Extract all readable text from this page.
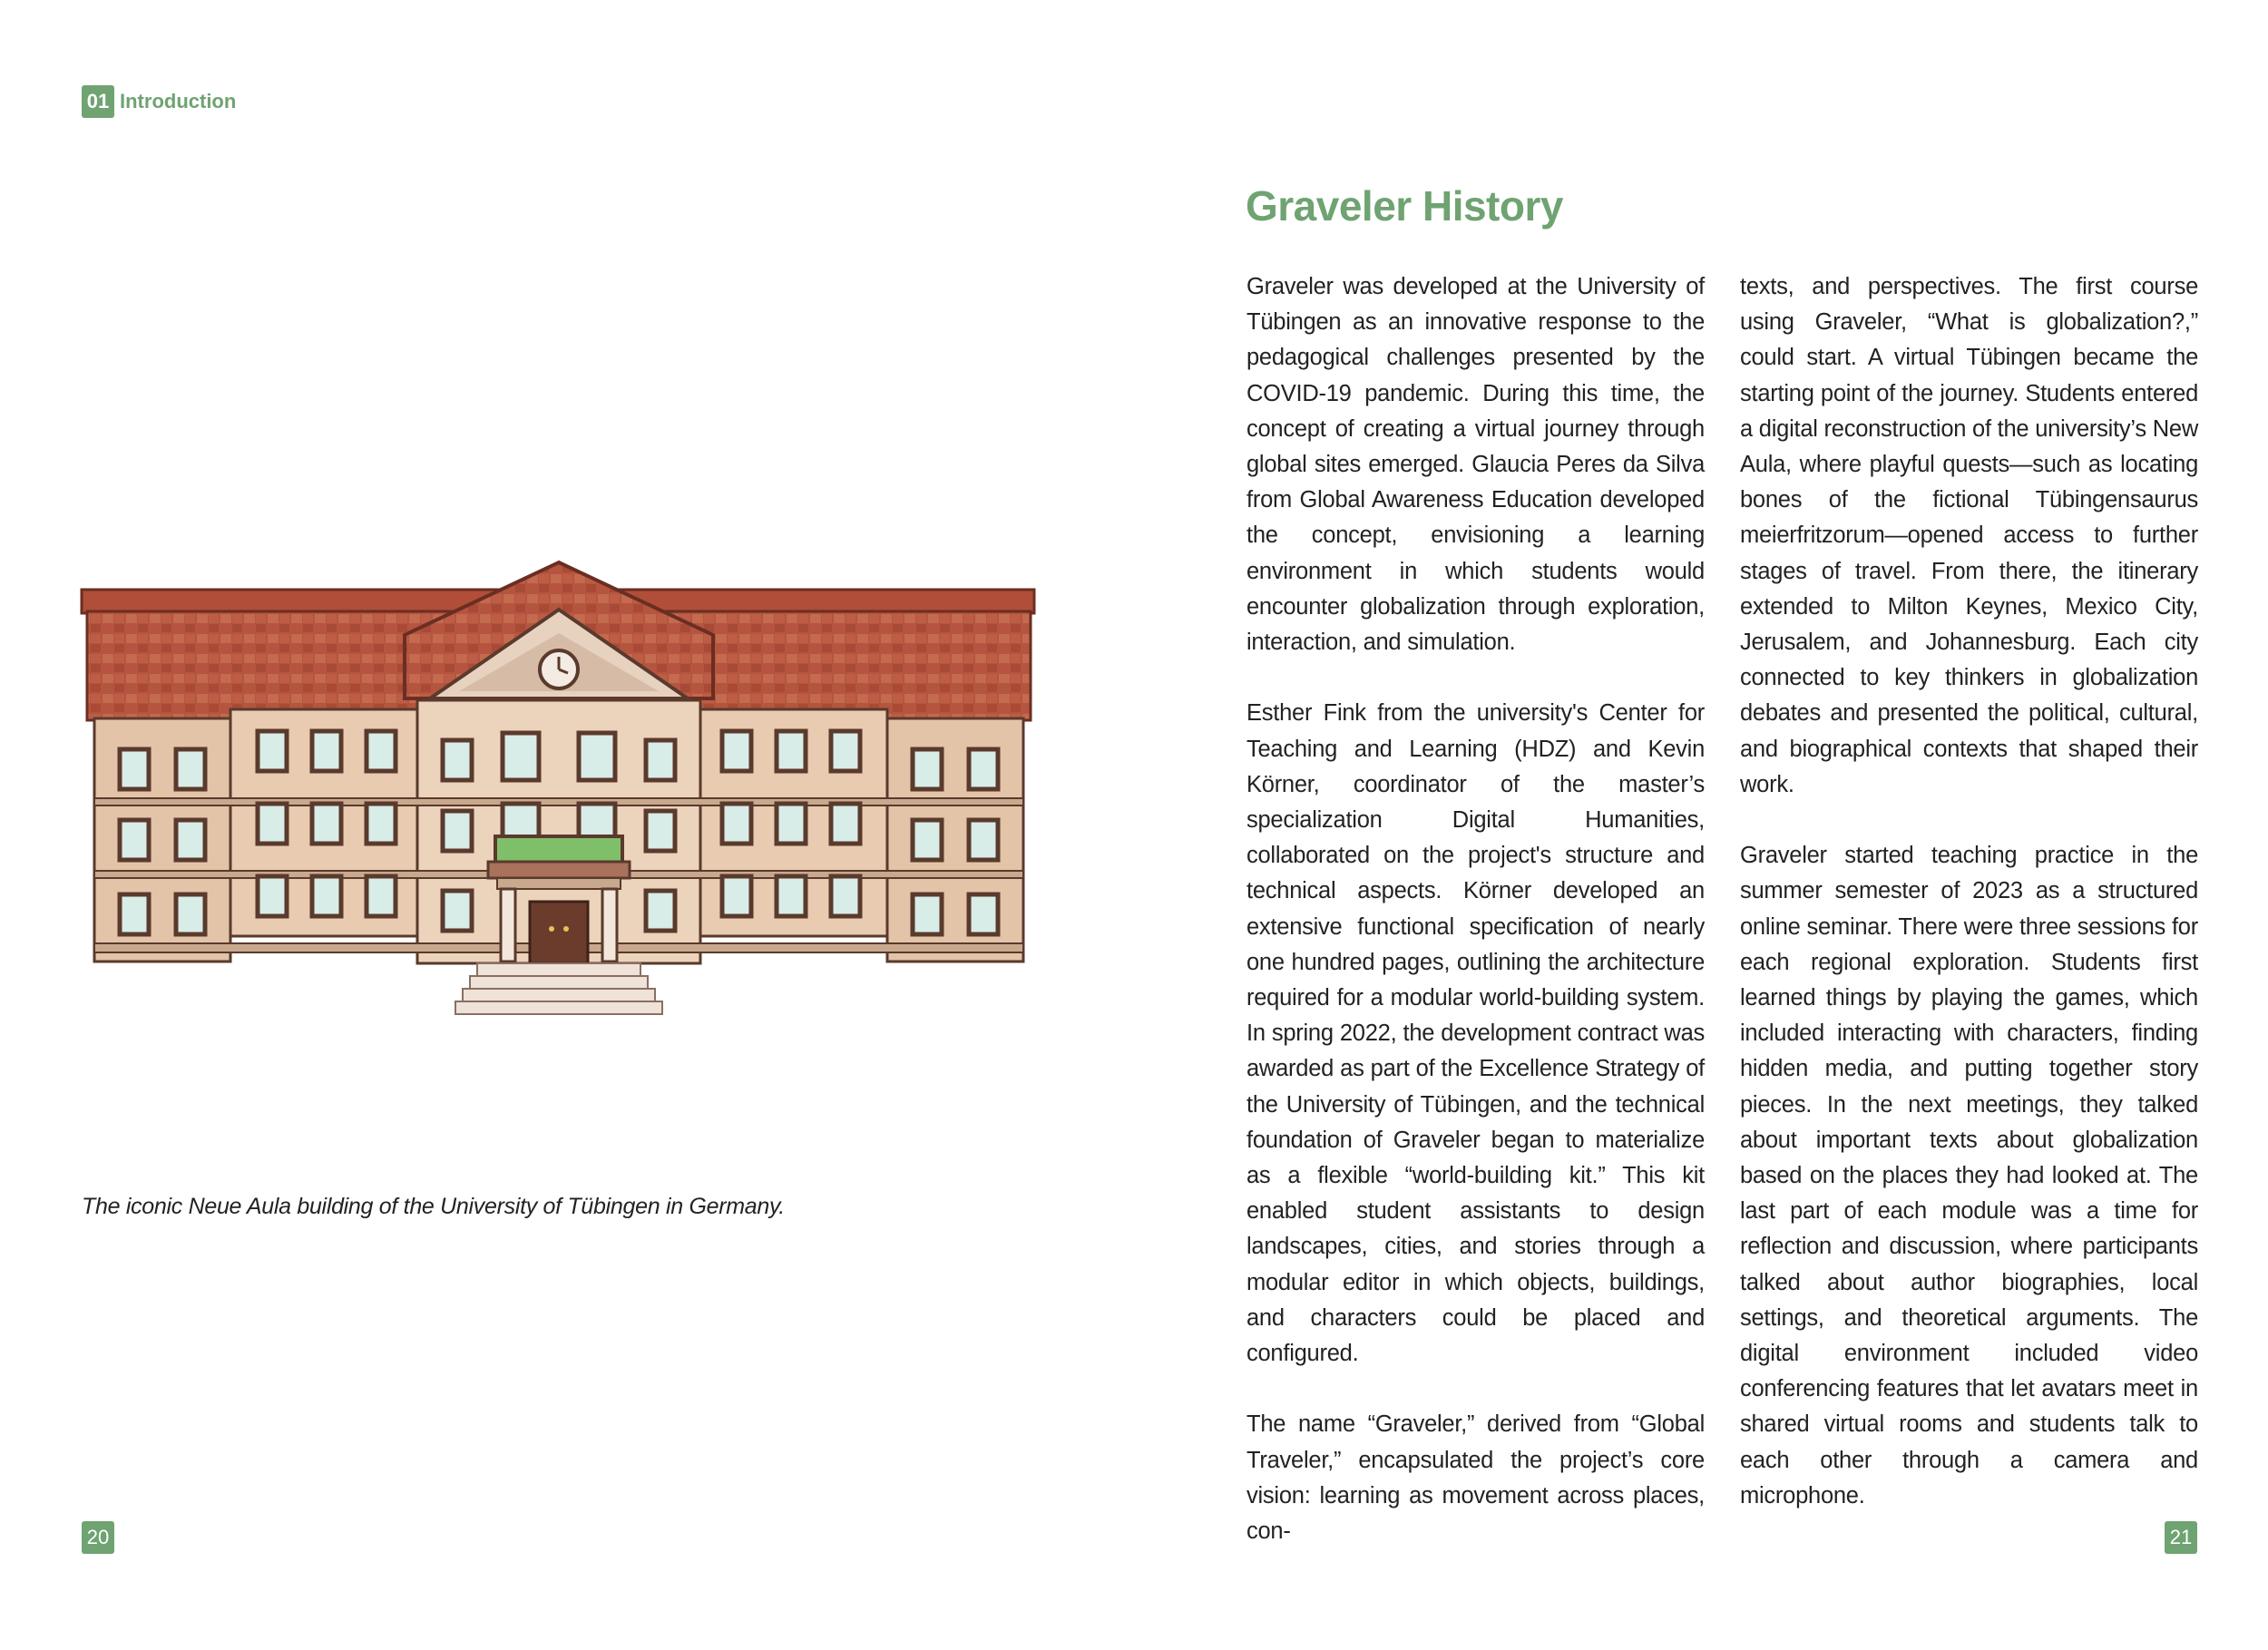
01 Introduction
The iconic Neue Aula building of the University of Tübingen in Germany.
Graveler History

Graveler was developed at the University of Tübingen as an innovative response to the pedagogical challenges presented by the COVID-19 pandemic. During this time, the concept of creating a virtual journey through global sites emerged. Glaucia Peres da Silva from Global Awareness Education developed the concept, envisioning a learning environment in which students would encounter globalization through exploration, interaction, and simulation.

Esther Fink from the university's Center for Teaching and Learning (HDZ) and Kevin Körner, coordinator of the master’s specialization Digital Humanities, collaborated on the project's structure and technical aspects. Körner developed an extensive functional specification of nearly one hundred pages, outlining the architecture required for a modular world-building system. In spring 2022, the development contract was awarded as part of the Excellence Strategy of the University of Tübingen, and the technical foundation of Graveler began to materialize as a flexible “world-building kit.” This kit enabled student assistants to design landscapes, cities, and stories through a modular editor in which objects, buildings, and characters could be placed and configured.

The name “Graveler,” derived from “Global Traveler,” encapsulated the project’s core vision: learning as movement across places, con-

texts, and perspectives. The first course using Graveler, “What is globalization?,” could start. A virtual Tübingen became the starting point of the journey. Students entered a digital reconstruction of the university’s New Aula, where playful quests—such as locating bones of the fictional Tübingensaurus meierfritzorum—opened access to further stages of travel. From there, the itinerary extended to Milton Keynes, Mexico City, Jerusalem, and Johannesburg. Each city connected to key thinkers in globalization debates and presented the political, cultural, and biographical contexts that shaped their work.

Graveler started teaching practice in the summer semester of 2023 as a structured online seminar. There were three sessions for each regional exploration. Students first learned things by playing the games, which included interacting with characters, finding hidden media, and putting together story pieces. In the next meetings, they talked about important texts about globalization based on the places they had looked at. The last part of each module was a time for reflection and discussion, where participants talked about author biographies, local settings, and theoretical arguments. The digital environment included video conferencing features that let avatars meet in shared virtual rooms and students talk to each other through a camera and microphone.

20	21
